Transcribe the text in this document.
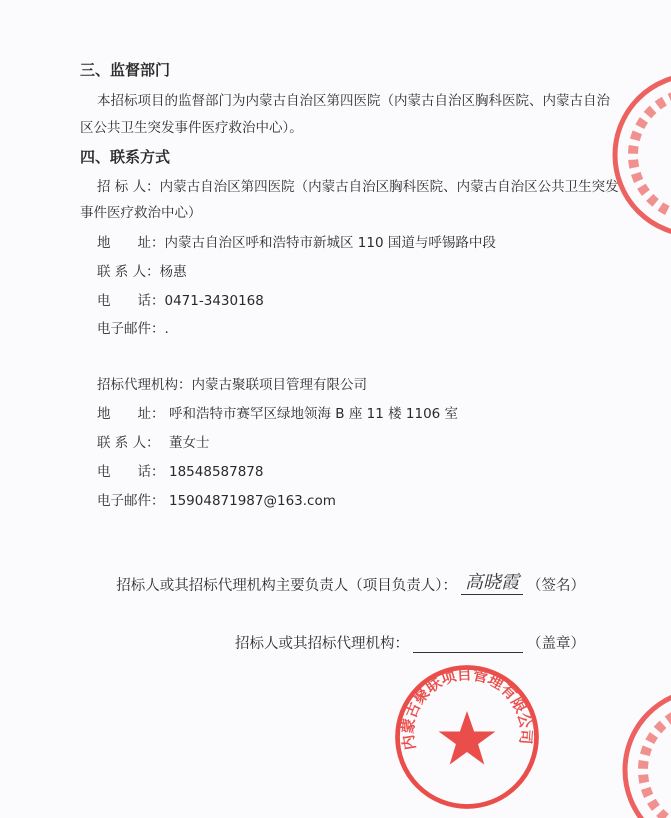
三、监督部门
本招标项目的监督部门为内蒙古自治区第四医院（内蒙古自治区胸科医院、内蒙古自治
区公共卫生突发事件医疗救治中心）。
四、联系方式
招 标 人：内蒙古自治区第四医院（内蒙古自治区胸科医院、内蒙古自治区公共卫生突发
事件医疗救治中心）
地　　址：内蒙古自治区呼和浩特市新城区 110 国道与呼锡路中段
联 系 人：杨惠
电　　话：0471-3430168
电子邮件：.
招标代理机构：内蒙古聚联项目管理有限公司
地　　址： 呼和浩特市赛罕区绿地领海 B 座 11 楼 1106 室
联 系 人： 董女士
电　　话： 18548587878
电子邮件： 15904871987@163.com
招标人或其招标代理机构主要负责人（项目负责人）： 高晓霞 （签名）
招标人或其招标代理机构：	（盖章）
内蒙古聚联项目管理有限公司
